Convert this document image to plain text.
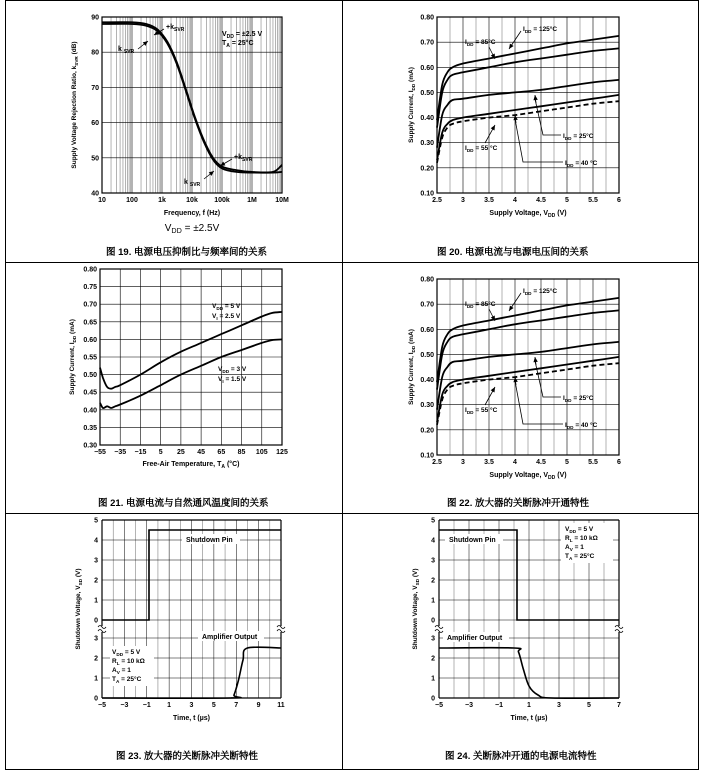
10	100	1k	10k 100k 1M	10M
40
50
60
70
80
90
Supply Voltage Rejection Ratio, $k_{SVR}$ (dB)
Frequency, f (Hz)
$V_{DD} = \pm 2.5V$
$+k_{SVR}$
k $_{SVR}$
$V_{DD} = \pm 2.5$ V
$T_A = 25^\circ C$
$+k_{SVR}$
k $_{SVR}$
图 19. 电源电压抑制比与频率间的关系
2.5	3	3.5	4	4.5	5	5.5	6
0.10
0.20
0.30
0.40
0.50
0.60
0.70
0.80
Supply Current, $I_{DD}$ (mA)
Supply Voltage, $V_{DD}$ (V)
$I_{DD} = 125^\circ C$
$I_{DD} = 85^\circ C$
$I_{DD} = 25^\circ C$
$I_{DD} = 55$ °C
$I_{DD} = 40$ °C
图 20. 电源电流与电源电压间的关系
−55 −35 −15 5 25 45 65 85 105 125
0.30
0.35
0.40
0.45
0.50
0.55
0.60
0.65
0.70
0.75
0.80
Supply Current, $I_{DD}$ (mA)
Free-Air Temperature, $T_A$ (°C)
$V_{DD} = 5$ V
$V_I = 2.5$ V
$V_{DD} = 3$ V
$V_I = 1.5$ V
图 21. 电源电流与自然通风温度间的关系
2.5	3	3.5	4	4.5	5	5.5	6
0.10
0.20
0.30
0.40
0.50
0.60
0.70
0.80
Supply Current, $I_{DD}$ (mA)
Supply Voltage, $V_{DD}$ (V)
$I_{DD} = 125^\circ C$
$I_{DD} = 85^\circ C$
$I_{DD} = 25^\circ C$
$I_{DD} = 55$ °C
$I_{DD} = 40$ °C
图 22. 放大器的关断脉冲开通特性
−5 −3 −1 1	3	5	7	9 11
0
1
2
3
4
5
0
1
2
3
Shutdown Voltage, $V_{SD}$ (V)
Time, t (µs)
Shutdown Pin
Amplifier Output
$V_{DD} = 5$ V
$R_L = 10$ kΩ
$A_V = 1$
$T_A = 25^\circ C$
图 23. 放大器的关断脉冲关断特性
−5	−3	−1	1	3	5	7
0
1
2
3
4
5
0
1
2
3
Shutdown Voltage, $V_{SD}$ (V)
Time, t (µs)
Shutdown Pin
Amplifier Output
$V_{DD} = 5$ V
$R_L = 10$ kΩ
$A_V = 1$
$T_A = 25^\circ C$
图 24. 关断脉冲开通的电源电流特性
